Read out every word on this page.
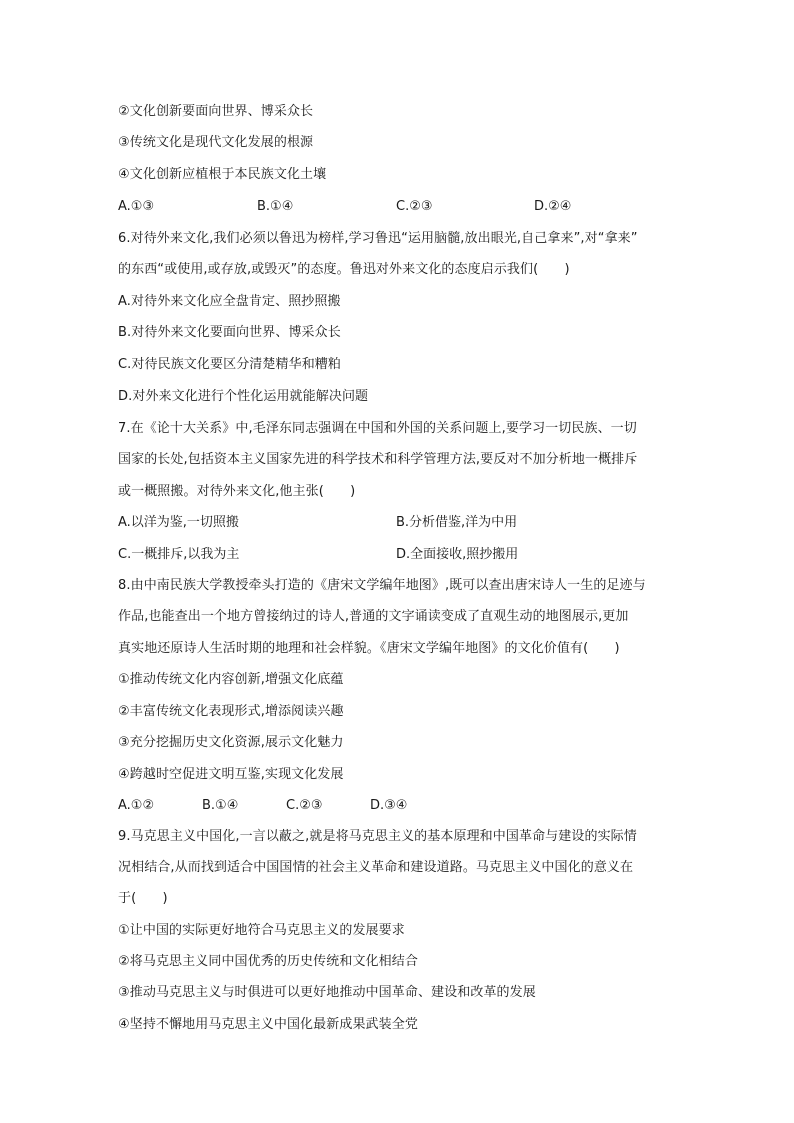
②文化创新要面向世界、博采众长
③传统文化是现代文化发展的根源
④文化创新应植根于本民族文化土壤
A.①③	B.①④	C.②③	D.②④
6.对待外来文化,我们必须以鲁迅为榜样,学习鲁迅“运用脑髓,放出眼光,自己拿来”,对“拿来”
的东西“或使用,或存放,或毁灭”的态度。鲁迅对外来文化的态度启示我们(　　)
A.对待外来文化应全盘肯定、照抄照搬
B.对待外来文化要面向世界、博采众长
C.对待民族文化要区分清楚精华和糟粕
D.对外来文化进行个性化运用就能解决问题
7.在《论十大关系》中,毛泽东同志强调在中国和外国的关系问题上,要学习一切民族、一切
国家的长处,包括资本主义国家先进的科学技术和科学管理方法,要反对不加分析地一概排斥
或一概照搬。对待外来文化,他主张(　　)
A.以洋为鉴,一切照搬	B.分析借鉴,洋为中用
C.一概排斥,以我为主	D.全面接收,照抄搬用
8.由中南民族大学教授牵头打造的《唐宋文学编年地图》,既可以查出唐宋诗人一生的足迹与
作品,也能查出一个地方曾接纳过的诗人,普通的文字诵读变成了直观生动的地图展示,更加
真实地还原诗人生活时期的地理和社会样貌。《唐宋文学编年地图》的文化价值有(　　)
①推动传统文化内容创新,增强文化底蕴
②丰富传统文化表现形式,增添阅读兴趣
③充分挖掘历史文化资源,展示文化魅力
④跨越时空促进文明互鉴,实现文化发展
A.①②	B.①④	C.②③	D.③④
9.马克思主义中国化,一言以蔽之,就是将马克思主义的基本原理和中国革命与建设的实际情
况相结合,从而找到适合中国国情的社会主义革命和建设道路。马克思主义中国化的意义在
于(　　)
①让中国的实际更好地符合马克思主义的发展要求
②将马克思主义同中国优秀的历史传统和文化相结合
③推动马克思主义与时俱进可以更好地推动中国革命、建设和改革的发展
④坚持不懈地用马克思主义中国化最新成果武装全党
